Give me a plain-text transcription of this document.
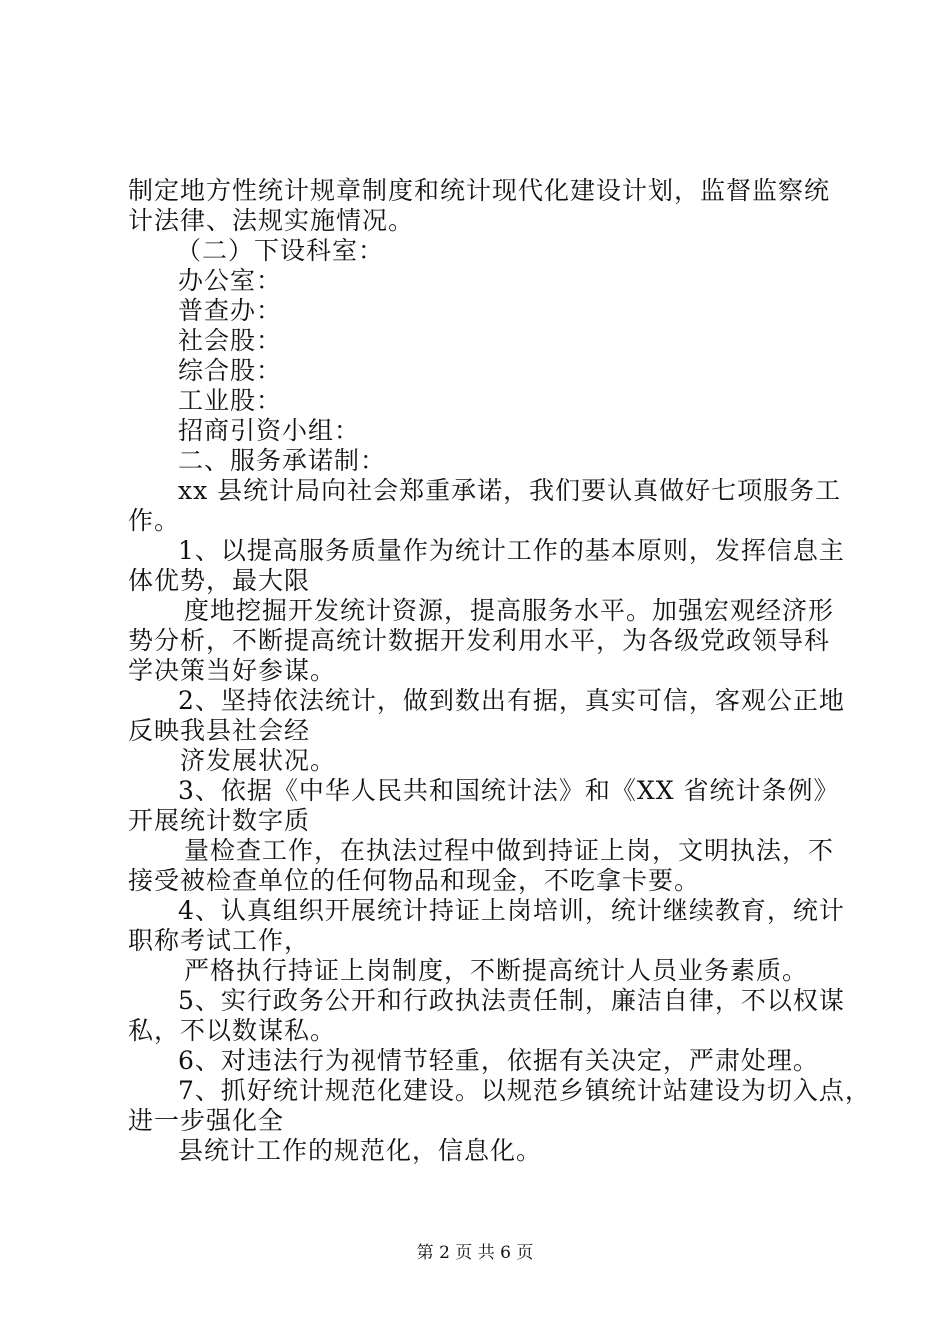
制定地方性统计规章制度和统计现代化建设计划，监督监察统
计法律、法规实施情况。
（二）下设科室：
办公室：
普查办：
社会股：
综合股：
工业股：
招商引资小组：
二、服务承诺制：
xx 县统计局向社会郑重承诺，我们要认真做好七项服务工
作。
1、以提高服务质量作为统计工作的基本原则，发挥信息主
体优势，最大限
度地挖掘开发统计资源，提高服务水平。加强宏观经济形
势分析，不断提高统计数据开发利用水平，为各级党政领导科
学决策当好参谋。
2、坚持依法统计，做到数出有据，真实可信，客观公正地
反映我县社会经
济发展状况。
3、依据《中华人民共和国统计法》和《XX 省统计条例》
开展统计数字质
量检查工作，在执法过程中做到持证上岗，文明执法，不
接受被检查单位的任何物品和现金，不吃拿卡要。
4、认真组织开展统计持证上岗培训，统计继续教育，统计
职称考试工作，
严格执行持证上岗制度，不断提高统计人员业务素质。
5、实行政务公开和行政执法责任制，廉洁自律，不以权谋
私，不以数谋私。
6、对违法行为视情节轻重，依据有关决定，严肃处理。
7、抓好统计规范化建设。以规范乡镇统计站建设为切入点，
进一步强化全
县统计工作的规范化，信息化。
第 2 页 共 6 页
